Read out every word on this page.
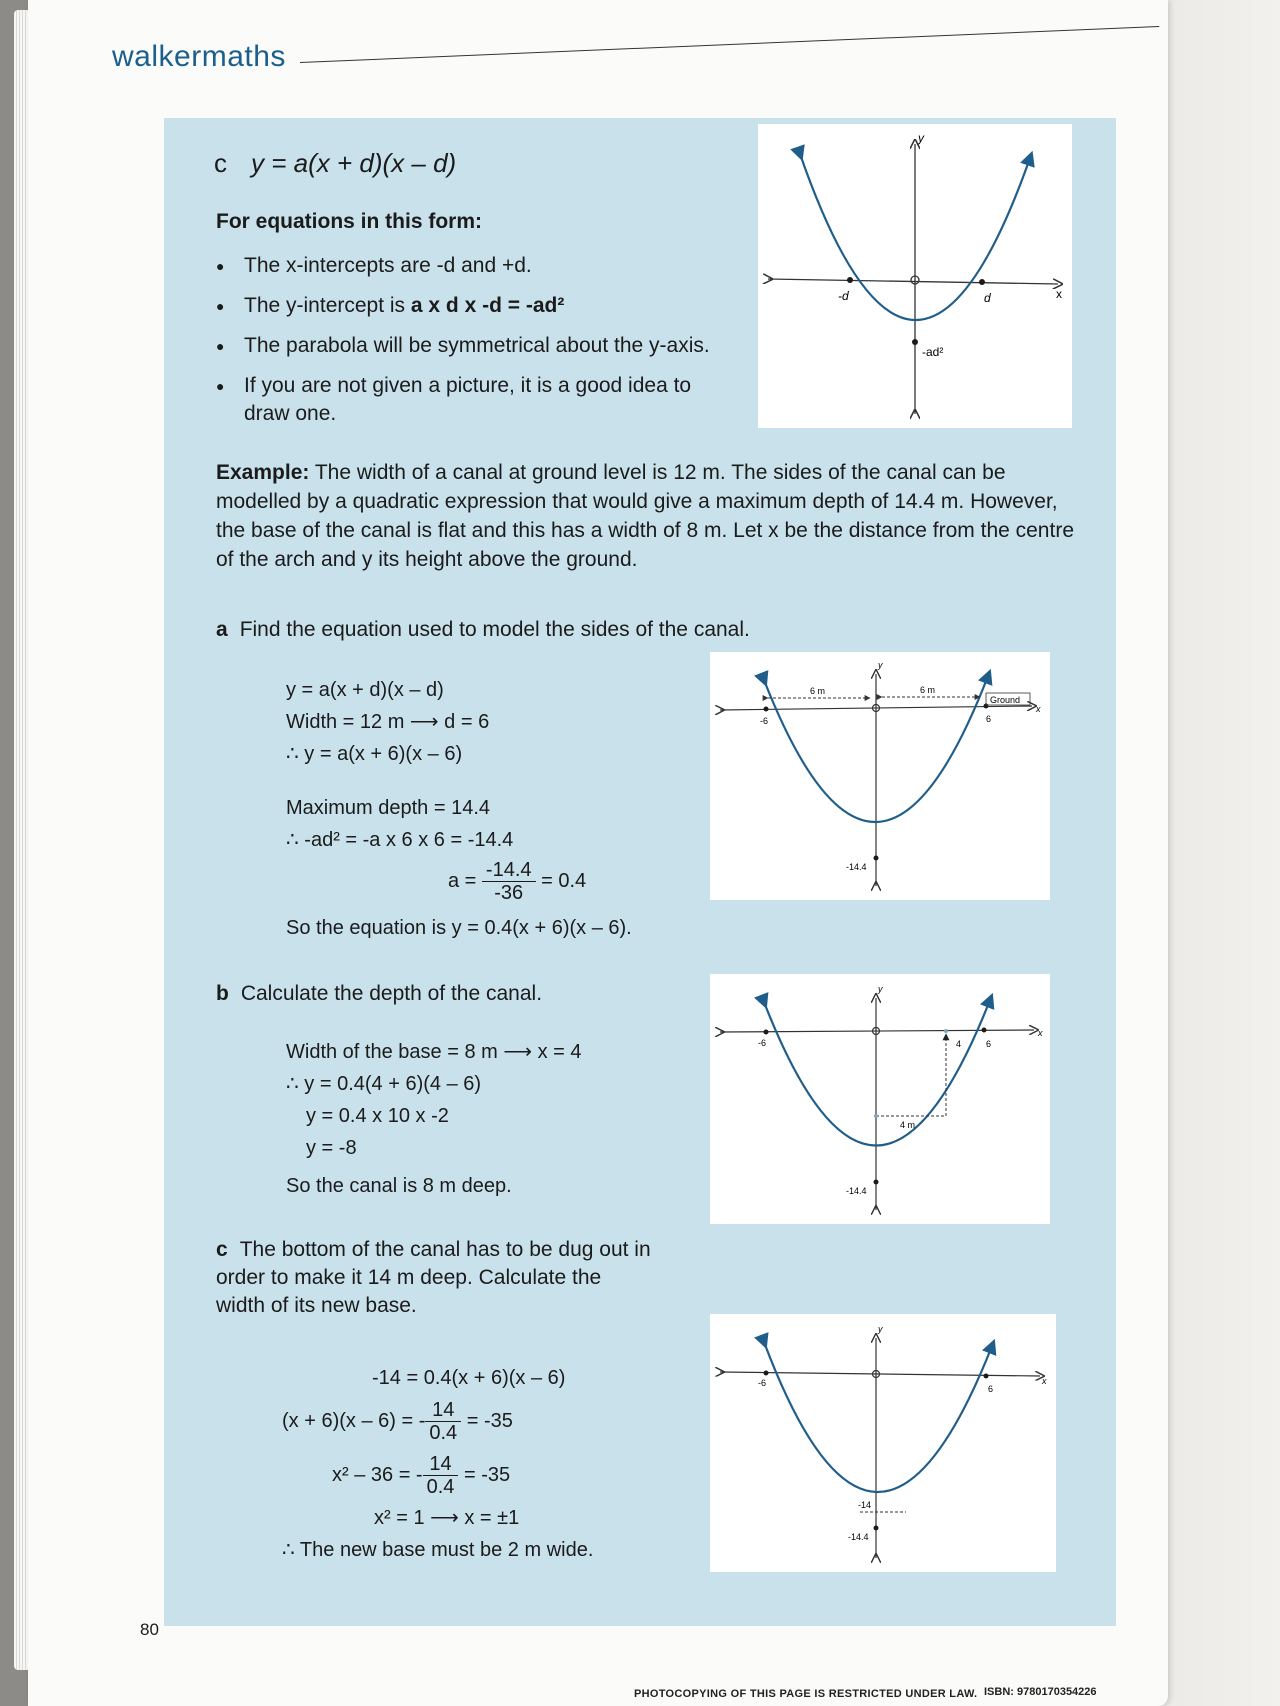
walkermaths
c y = a(x + d)(x – d)
For equations in this form:
● The x-intercepts are -d and +d.
● The y-intercept is a x d x -d = -ad²
● The parabola will be symmetrical about the y-axis.
● If you are not given a picture, it is a good idea to draw one.
y
x
-d	d
-ad²
Example: The width of a canal at ground level is 12 m. The sides of the canal can be modelled by a quadratic expression that would give a maximum depth of 14.4 m. However, the base of the canal is flat and this has a width of 8 m. Let x be the distance from the centre of the arch and y its height above the ground.
a Find the equation used to model the sides of the canal.
y = a(x + d)(x – d)
Width = 12 m ⟶ d = 6
∴ y = a(x + 6)(x – 6)
Maximum depth = 14.4
∴ -ad² = -a x 6 x 6 = -14.4
$a = \frac{-14.4}{-36} = 0.4$
So the equation is y = 0.4(x + 6)(x – 6).
y
x
-6	6
6 m	6 m
Ground
-14.4
b Calculate the depth of the canal.
Width of the base = 8 m ⟶ x = 4
∴ y = 0.4(4 + 6)(4 – 6)
y = 0.4 x 10 x -2
y = -8
So the canal is 8 m deep.
y
x
-6	4	6
4 m
-14.4
c The bottom of the canal has to be dug out in order to make it 14 m deep. Calculate the width of its new base.
-14 = 0.4(x + 6)(x – 6)
(x + 6)(x – 6) = - $\frac{14}{0.4} = -35$
x² – 36 = - $\frac{14}{0.4} = -35$
x² = 1 ⟶ x = ±1
∴ The new base must be 2 m wide.
y
x
-6
6
-14
-14.4
80
PHOTOCOPYING OF THIS PAGE IS RESTRICTED UNDER LAW. ISBN: 9780170354226
